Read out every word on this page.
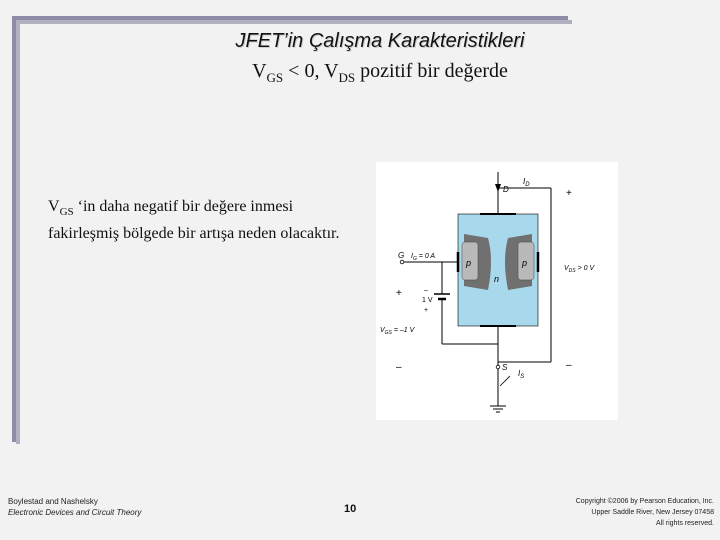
JFET’in Çalışma Karakteristikleri
$V_{GS} < 0$, $V_{DS}$ pozitif bir değerde
$V_{GS}$ ‘in daha negatif bir değere inmesi fakirleşmiş bölgede bir artışa neden olacaktır.
D
$I_D$
+
–
$V_{DS} > 0$ V
p	p
n
G $I_G = 0$ A
–
1 V
+
+
$V_{GS} = -1$ V
–	S
$I_S$
Boylestad and Nashelsky
Electronic Devices and Circuit Theory	10
Copyright ©2006 by Pearson Education, Inc.
Upper Saddle River, New Jersey 07458
All rights reserved.
